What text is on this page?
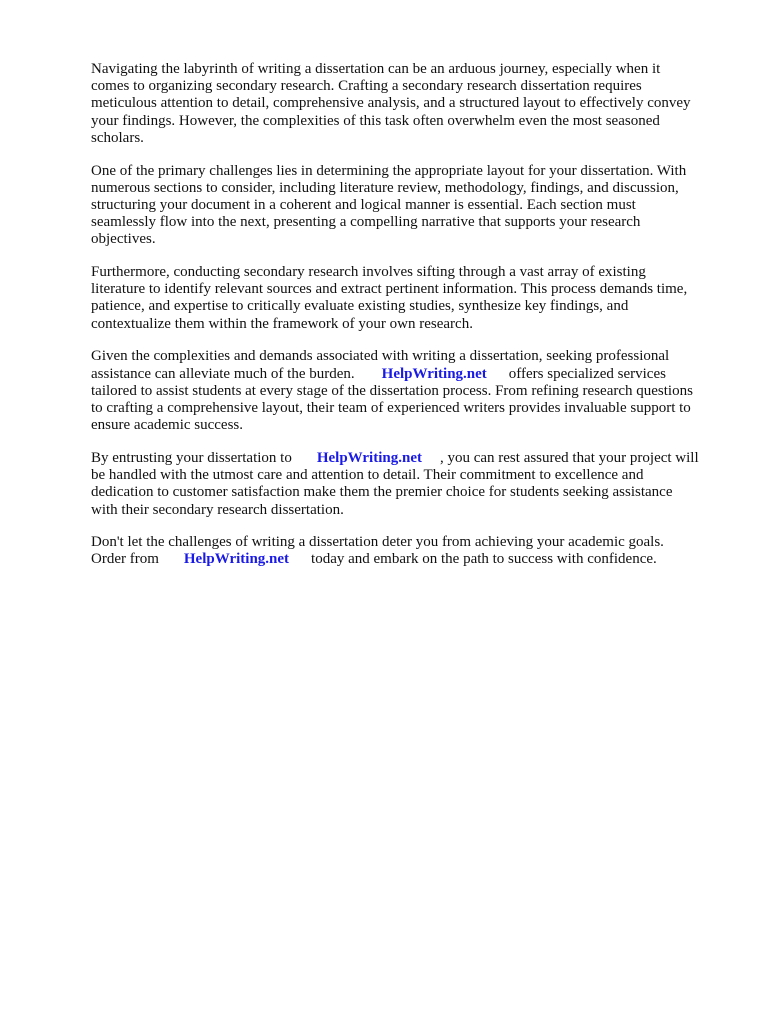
Navigating the labyrinth of writing a dissertation can be an arduous journey, especially when it
comes to organizing secondary research. Crafting a secondary research dissertation requires
meticulous attention to detail, comprehensive analysis, and a structured layout to effectively convey
your findings. However, the complexities of this task often overwhelm even the most seasoned
scholars.
One of the primary challenges lies in determining the appropriate layout for your dissertation. With
numerous sections to consider, including literature review, methodology, findings, and discussion,
structuring your document in a coherent and logical manner is essential. Each section must
seamlessly flow into the next, presenting a compelling narrative that supports your research
objectives.
Furthermore, conducting secondary research involves sifting through a vast array of existing
literature to identify relevant sources and extract pertinent information. This process demands time,
patience, and expertise to critically evaluate existing studies, synthesize key findings, and
contextualize them within the framework of your own research.
Given the complexities and demands associated with writing a dissertation, seeking professional
assistance can alleviate much of the burden. HelpWriting.net offers specialized services
tailored to assist students at every stage of the dissertation process. From refining research questions
to crafting a comprehensive layout, their team of experienced writers provides invaluable support to
ensure academic success.
By entrusting your dissertation to HelpWriting.net , you can rest assured that your project will
be handled with the utmost care and attention to detail. Their commitment to excellence and
dedication to customer satisfaction make them the premier choice for students seeking assistance
with their secondary research dissertation.
Don't let the challenges of writing a dissertation deter you from achieving your academic goals.
Order from HelpWriting.net today and embark on the path to success with confidence.
